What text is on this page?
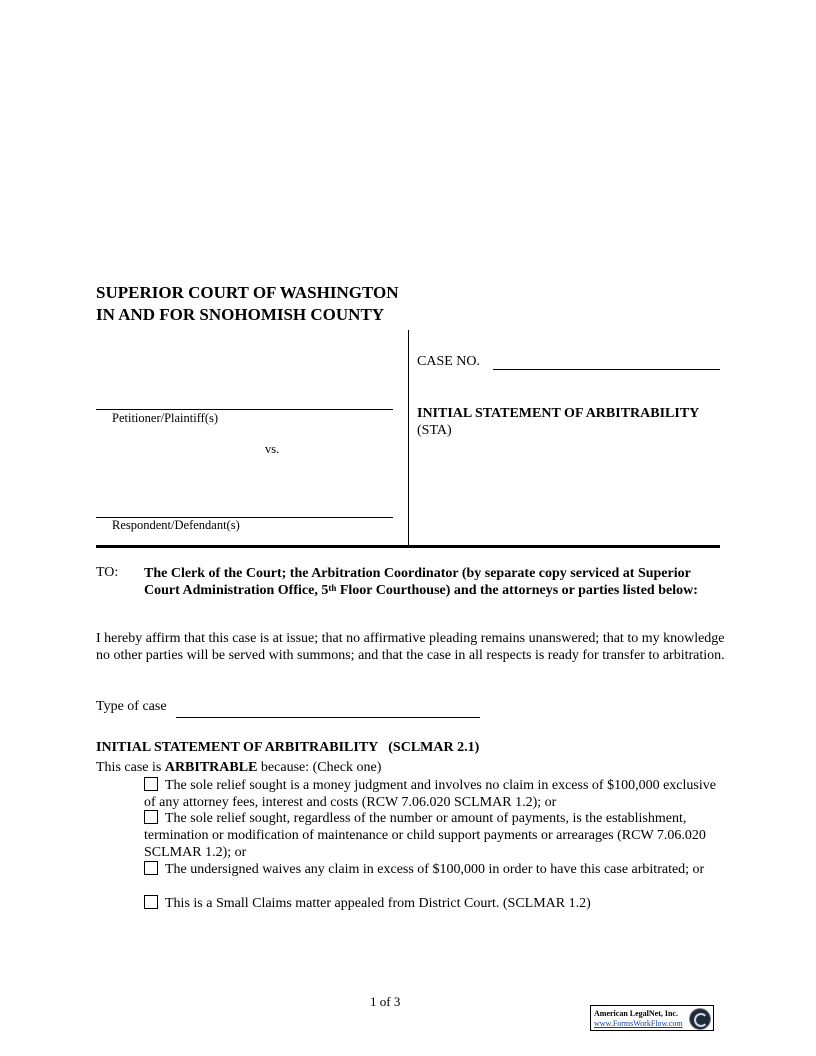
SUPERIOR COURT OF WASHINGTON
IN AND FOR SNOHOMISH COUNTY
Petitioner/Plaintiff(s)
vs.
Respondent/Defendant(s)
CASE NO.
INITIAL STATEMENT OF ARBITRABILITY
(STA)
TO: The Clerk of the Court; the Arbitration Coordinator (by separate copy serviced at Superior Court Administration Office, 5th Floor Courthouse) and the attorneys or parties listed below:
I hereby affirm that this case is at issue; that no affirmative pleading remains unanswered; that to my knowledge no other parties will be served with summons; and that the case in all respects is ready for transfer to arbitration.
Type of case
INITIAL STATEMENT OF ARBITRABILITY   (SCLMAR 2.1)
This case is ARBITRABLE because: (Check one)
The sole relief sought is a money judgment and involves no claim in excess of $100,000 exclusive of any attorney fees, interest and costs (RCW 7.06.020 SCLMAR 1.2); or
The sole relief sought, regardless of the number or amount of payments, is the establishment, termination or modification of maintenance or child support payments or arrearages (RCW 7.06.020 SCLMAR 1.2); or
The undersigned waives any claim in excess of $100,000 in order to have this case arbitrated; or
This is a Small Claims matter appealed from District Court. (SCLMAR 1.2)
1 of 3
American LegalNet, Inc.
www.FormsWorkFlow.com
